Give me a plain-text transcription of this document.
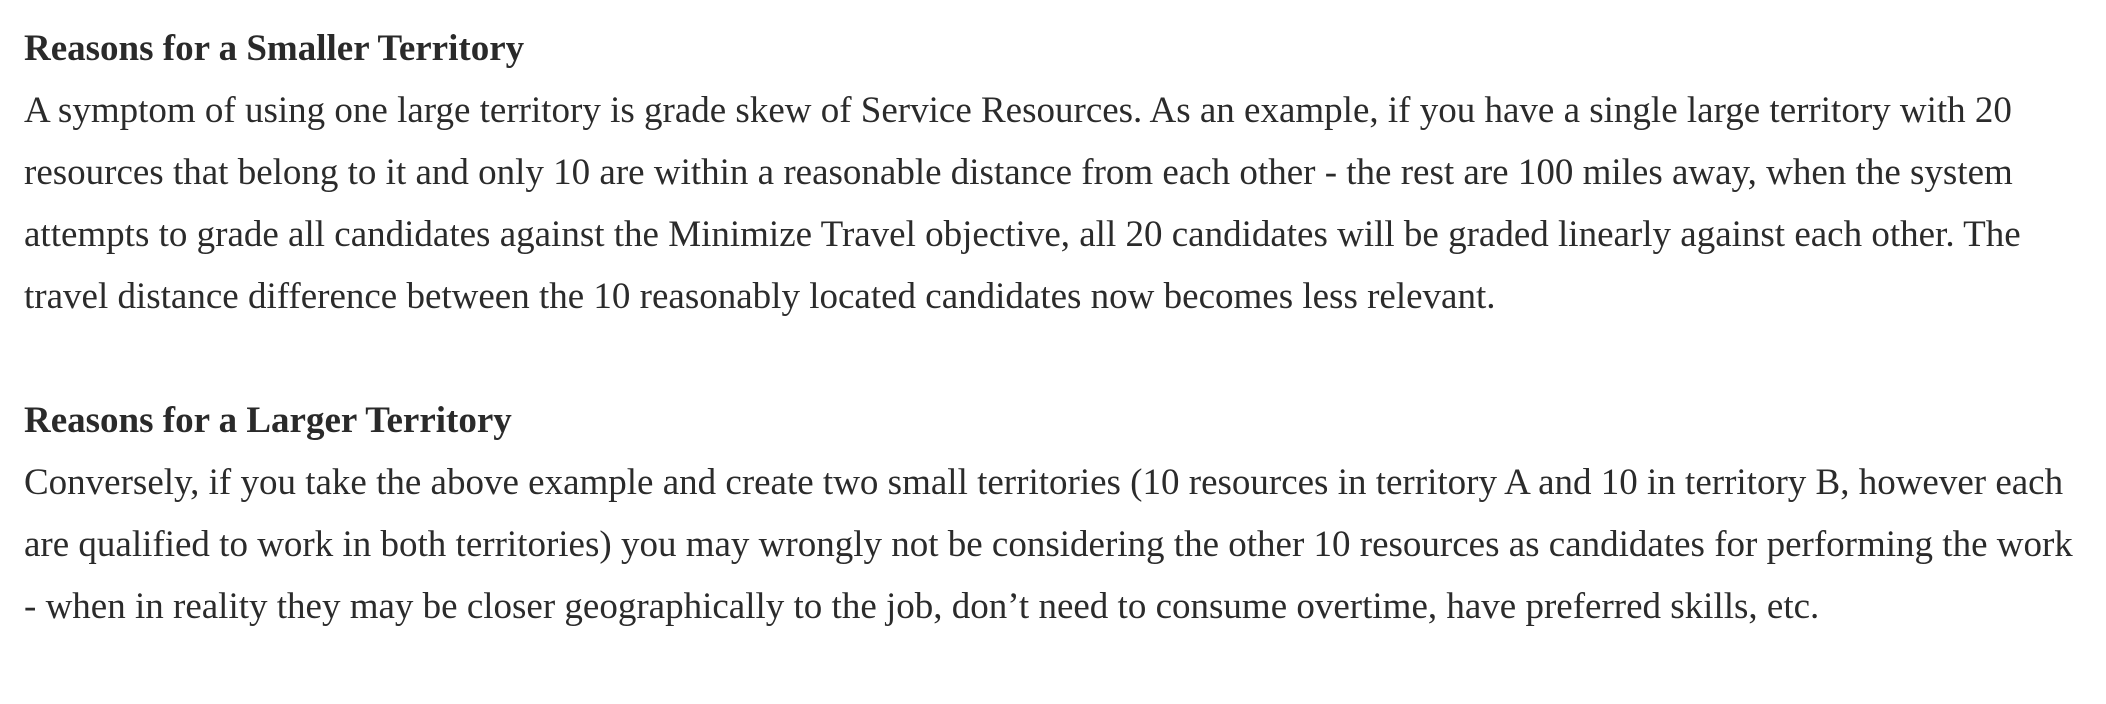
Reasons for a Smaller Territory

A symptom of using one large territory is grade skew of Service Resources. As an example, if you have a single large territory with 20 resources that belong to it and only 10 are within a reasonable distance from each other - the rest are 100 miles away, when the system attempts to grade all candidates against the Minimize Travel objective, all 20 candidates will be graded linearly against each other. The travel distance difference between the 10 reasonably located candidates now becomes less relevant.

Reasons for a Larger Territory

Conversely, if you take the above example and create two small territories (10 resources in territory A and 10 in territory B, however each are qualified to work in both territories) you may wrongly not be considering the other 10 resources as candidates for performing the work - when in reality they may be closer geographically to the job, don’t need to consume overtime, have preferred skills, etc.
